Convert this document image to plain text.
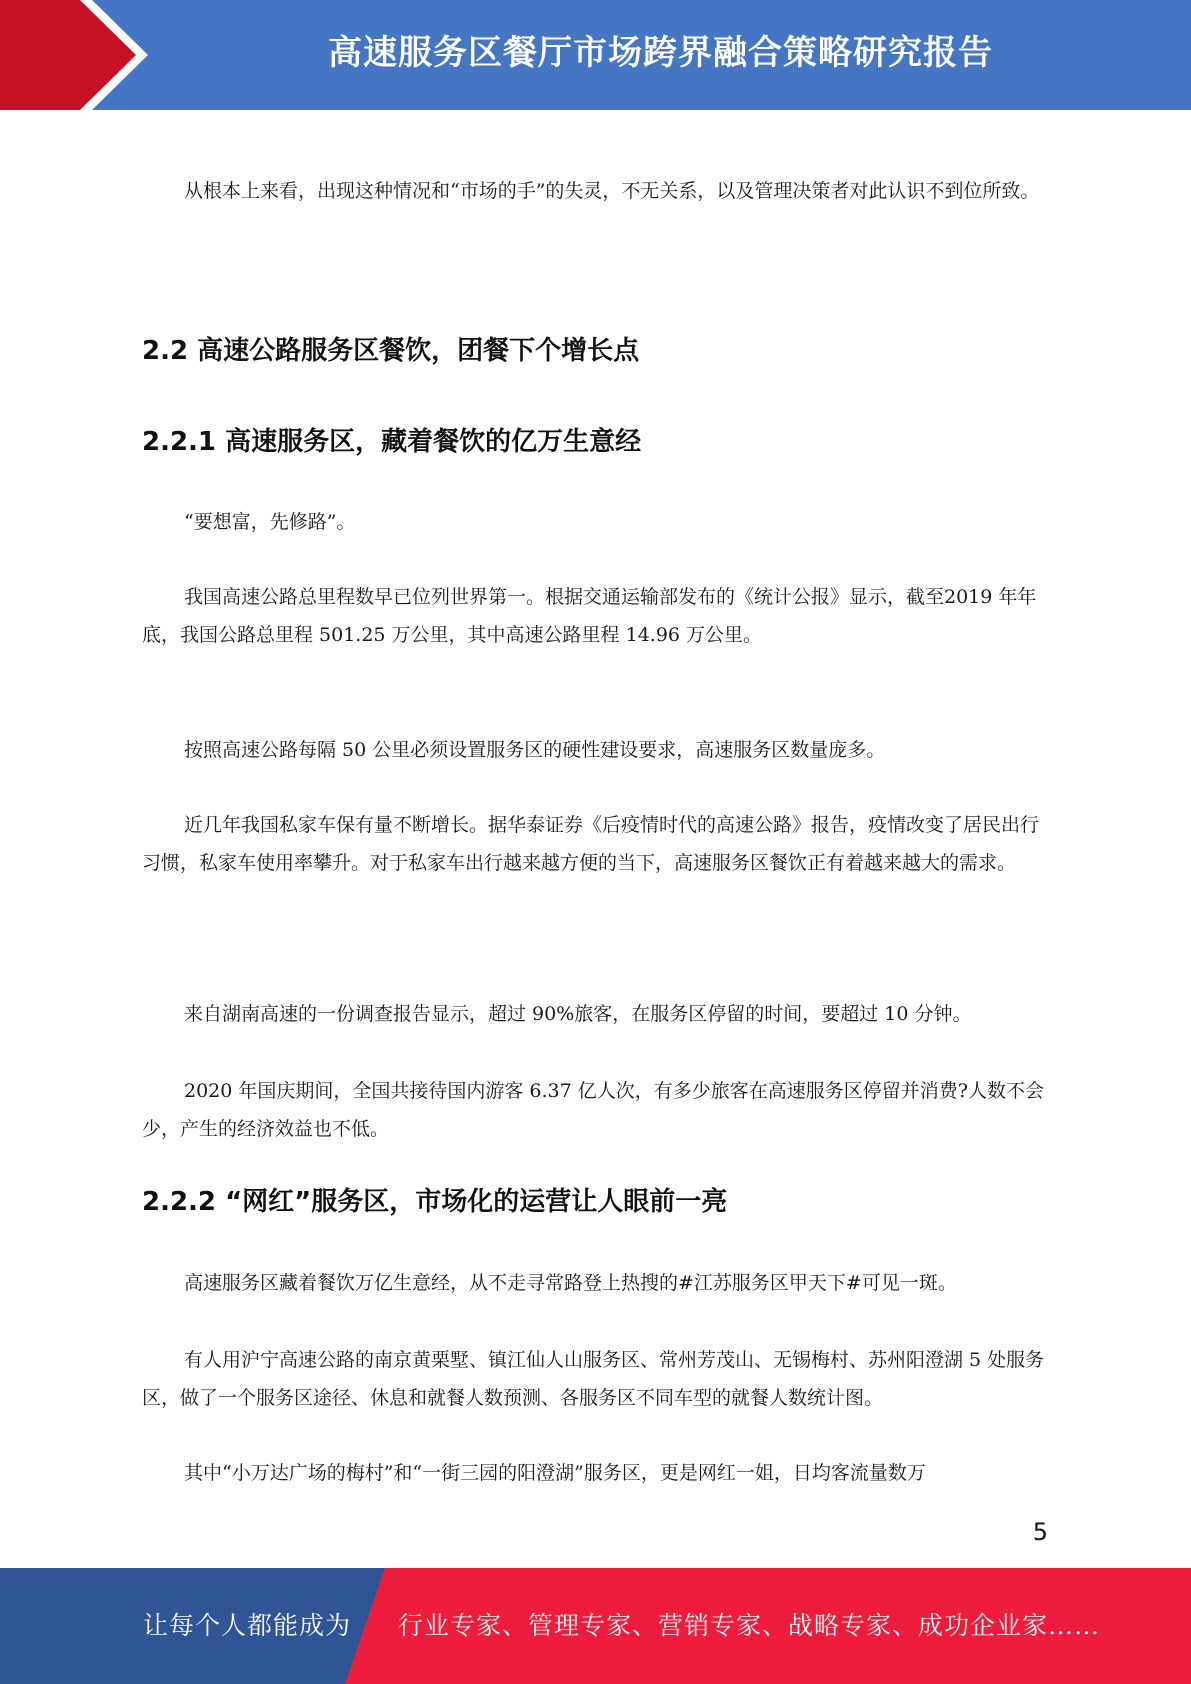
高速服务区餐厅市场跨界融合策略研究报告

从根本上来看，出现这种情况和“市场的手”的失灵，不无关系，以及管理决策者对此认识不到位所致。

2.2 高速公路服务区餐饮，团餐下个增长点
2.2.1 高速服务区，藏着餐饮的亿万生意经

“要想富，先修路”。

我国高速公路总里程数早已位列世界第一。根据交通运输部发布的《统计公报》显示，截至2019 年年底，我国公路总里程 501.25 万公里，其中高速公路里程 14.96 万公里。

按照高速公路每隔 50 公里必须设置服务区的硬性建设要求，高速服务区数量庞多。

近几年我国私家车保有量不断增长。据华泰证券《后疫情时代的高速公路》报告，疫情改变了居民出行习惯，私家车使用率攀升。对于私家车出行越来越方便的当下，高速服务区餐饮正有着越来越大的需求。

来自湖南高速的一份调查报告显示，超过 90%旅客，在服务区停留的时间，要超过 10 分钟。

2020 年国庆期间，全国共接待国内游客 6.37 亿人次，有多少旅客在高速服务区停留并消费?人数不会少，产生的经济效益也不低。

2.2.2 “网红”服务区，市场化的运营让人眼前一亮

高速服务区藏着餐饮万亿生意经，从不走寻常路登上热搜的#江苏服务区甲天下#可见一斑。

有人用沪宁高速公路的南京黄栗墅、镇江仙人山服务区、常州芳茂山、无锡梅村、苏州阳澄湖 5 处服务区，做了一个服务区途径、休息和就餐人数预测、各服务区不同车型的就餐人数统计图。

其中“小万达广场的梅村”和“一街三园的阳澄湖”服务区，更是网红一姐，日均客流量数万

5
让每个人都能成为 行业专家、管理专家、营销专家、战略专家、成功企业家……
